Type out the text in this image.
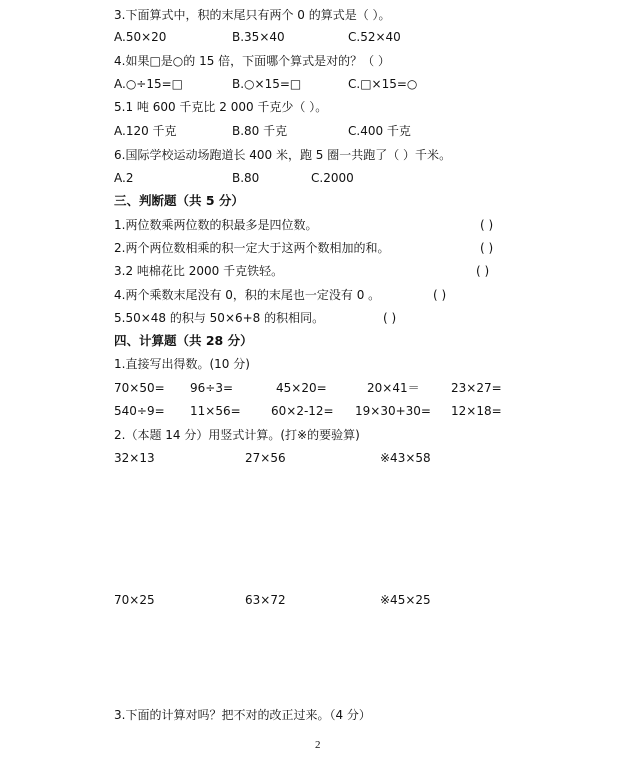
3.下面算式中，积的末尾只有两个 0 的算式是（ ）。
A.50×20	B.35×40	C.52×40
4.如果□是○的 15 倍，下面哪个算式是对的？（ ）
A.○÷15=□	B.○×15=□	C.□×15=○
5.1 吨 600 千克比 2 000 千克少（ ）。
A.120 千克	B.80 千克	C.400 千克
6.国际学校运动场跑道长 400 米，跑 5 圈一共跑了（ ）千米。
A.2	B.80	C.2000
三、判断题（共 5 分）
1.两位数乘两位数的积最多是四位数。	( )
2.两个两位数相乘的积一定大于这两个数相加的和。	( )
3.2 吨棉花比 2000 千克铁轻。	( )
4.两个乘数末尾没有 0，积的末尾也一定没有 0 。	( )
5.50×48 的积与 50×6+8 的积相同。	( )
四、计算题（共 28 分）
1.直接写出得数。(10 分)
70×50= 96÷3=	45×20=	20×41＝	23×27=
540÷9= 11×56=	60×2-12= 19×30+30= 12×18=
2.（本题 14 分）用竖式计算。(打※的要验算)
32×13	27×56	※43×58
70×25	63×72	※45×25
3.下面的计算对吗？把不对的改正过来。（4 分）
2
